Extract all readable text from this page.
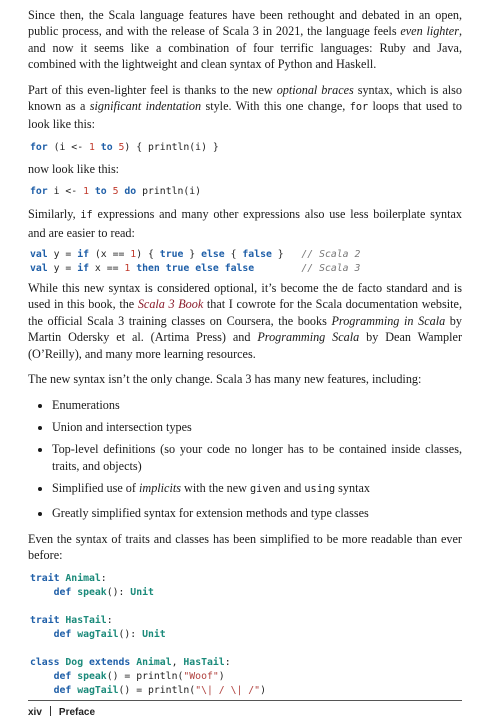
Since then, the Scala language features have been rethought and debated in an open, public process, and with the release of Scala 3 in 2021, the language feels even lighter, and now it seems like a combination of four terrific languages: Ruby and Java, combined with the lightweight and clean syntax of Python and Haskell.

Part of this even-lighter feel is thanks to the new optional braces syntax, which is also known as a significant indentation style. With this one change, for loops that used to look like this:

for (i <- 1 to 5) { println(i) }

now look like this:

for i <- 1 to 5 do println(i)

Similarly, if expressions and many other expressions also use less boilerplate syntax and are easier to read:

val y = if (x == 1) { true } else { false }   // Scala 2
val y = if x == 1 then true else false	// Scala 3

While this new syntax is considered optional, it’s become the de facto standard and is used in this book, the Scala 3 Book that I cowrote for the Scala documentation website, the official Scala 3 training classes on Coursera, the books Programming in Scala by Martin Odersky et al. (Artima Press) and Programming Scala by Dean Wampler (O’Reilly), and many more learning resources.

The new syntax isn’t the only change. Scala 3 has many new features, including:

• Enumerations
• Union and intersection types
• Top-level definitions (so your code no longer has to be contained inside classes, traits, and objects)
• Simplified use of implicits with the new given and using syntax
• Greatly simplified syntax for extension methods and type classes

Even the syntax of traits and classes has been simplified to be more readable than ever before:

trait Animal:
def speak(): Unit

trait HasTail:
def wagTail(): Unit

class Dog extends Animal, HasTail:
def speak() = println("Woof")
def wagTail() = println("\| / \| /")
xiv Preface
